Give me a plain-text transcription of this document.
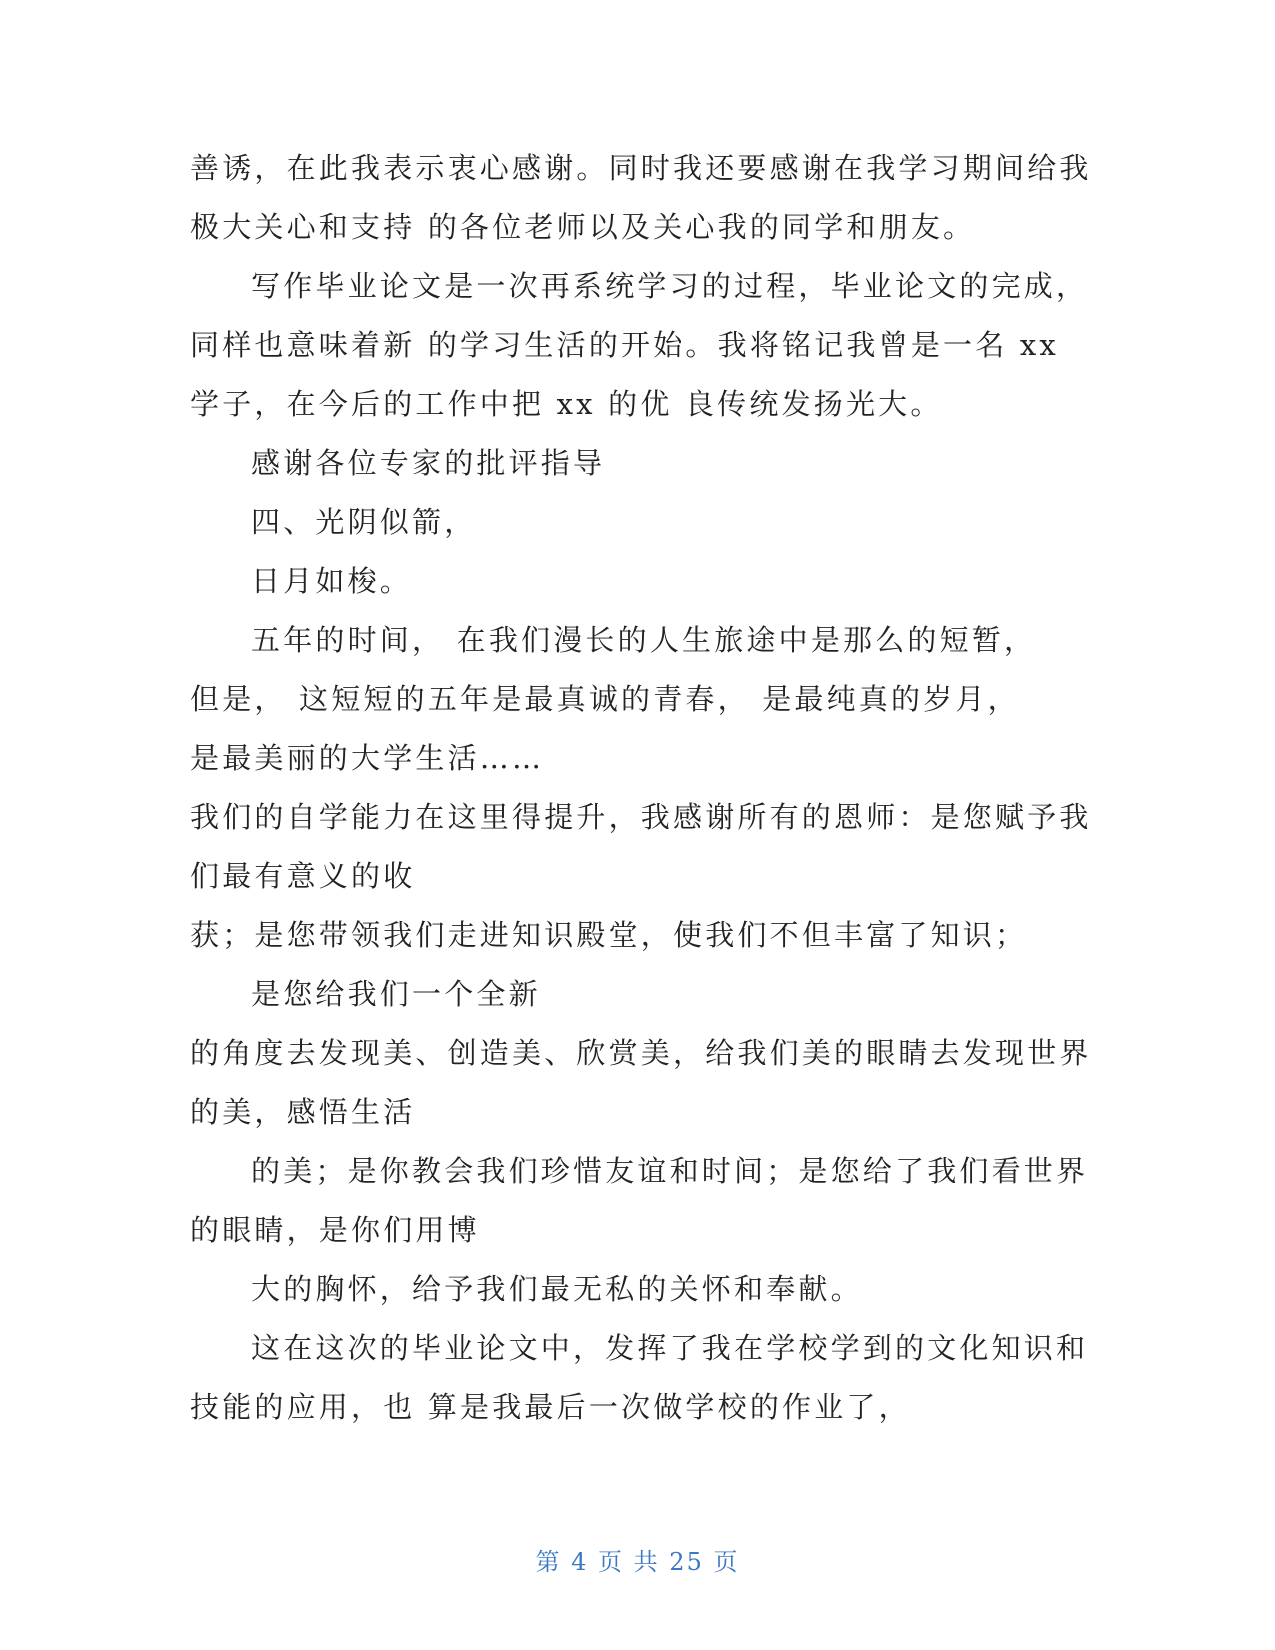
善诱，在此我表示衷心感谢。同时我还要感谢在我学习期间给我
极大关心和支持 的各位老师以及关心我的同学和朋友。
写作毕业论文是一次再系统学习的过程，毕业论文的完成，
同样也意味着新 的学习生活的开始。我将铭记我曾是一名 xx
学子，在今后的工作中把 xx 的优 良传统发扬光大。
感谢各位专家的批评指导
四、光阴似箭，
日月如梭。
五年的时间， 在我们漫长的人生旅途中是那么的短暂，
但是， 这短短的五年是最真诚的青春， 是最纯真的岁月，
是最美丽的大学生活……
我们的自学能力在这里得提升，我感谢所有的恩师：是您赋予我
们最有意义的收
获；是您带领我们走进知识殿堂，使我们不但丰富了知识；
是您给我们一个全新
的角度去发现美、创造美、欣赏美，给我们美的眼睛去发现世界
的美，感悟生活
的美；是你教会我们珍惜友谊和时间；是您给了我们看世界
的眼睛，是你们用博
大的胸怀，给予我们最无私的关怀和奉献。
这在这次的毕业论文中，发挥了我在学校学到的文化知识和
技能的应用，也 算是我最后一次做学校的作业了，
第 4 页 共 25 页
